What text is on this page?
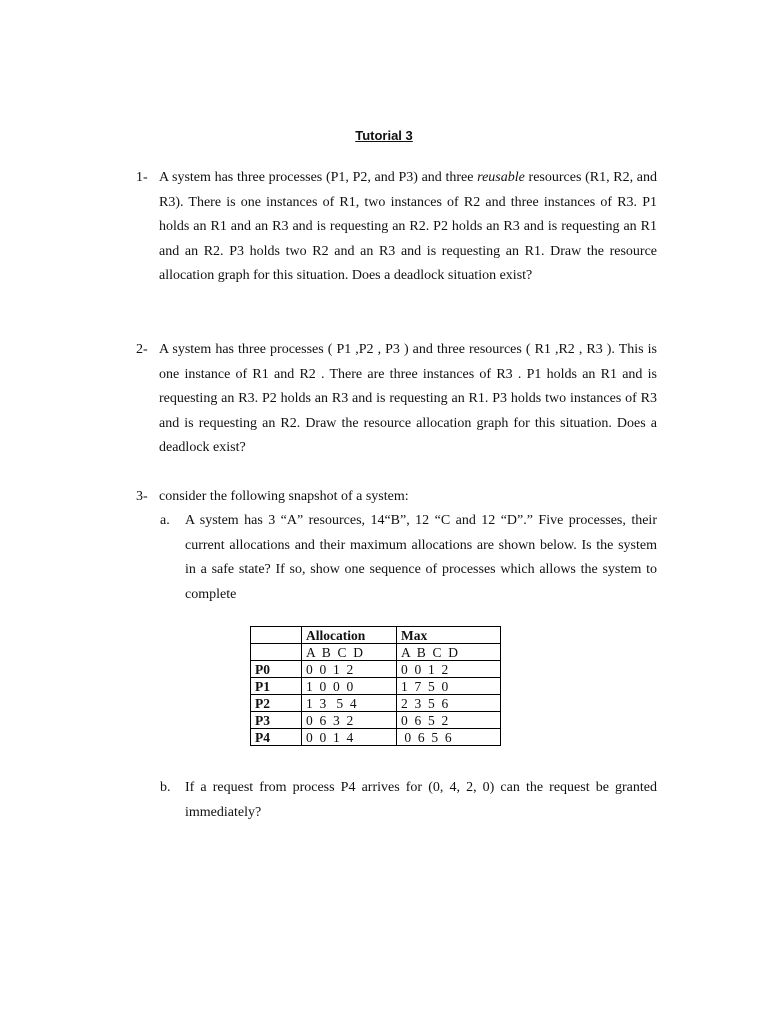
Tutorial 3
1- A system has three processes (P1, P2, and P3) and three reusable resources (R1, R2, and R3). There is one instances of R1, two instances of R2 and three instances of R3. P1 holds an R1 and an R3 and is requesting an R2. P2 holds an R3 and is requesting an R1 and an R2. P3 holds two R2 and an R3 and is requesting an R1. Draw the resource allocation graph for this situation. Does a deadlock situation exist?
2- A system has three processes ( P1 ,P2 , P3 ) and three resources ( R1 ,R2 , R3 ). This is one instance of R1 and R2 . There are three instances of R3 . P1 holds an R1 and is requesting an R3. P2 holds an R3 and is requesting an R1. P3 holds two instances of R3 and is requesting an R2. Draw the resource allocation graph for this situation. Does a deadlock exist?
3- consider the following snapshot of a system:
a. A system has 3 “A” resources, 14“B”, 12 “C and 12 “D”.” Five processes, their current allocations and their maximum allocations are shown below. Is the system in a safe state? If so, show one sequence of processes which allows the system to complete
	Allocation	Max
	A  B  C  D	A  B  C  D
P0	0  0  1  2	0  0  1  2
P1	1  0  0  0	1  7  5  0
P2	1  3   5  4	2  3  5  6
P3	0  6  3  2	0  6  5  2
P4	0  0  1  4	0  6  5  6
b. If a request from process P4 arrives for (0, 4, 2, 0) can the request be granted immediately?
